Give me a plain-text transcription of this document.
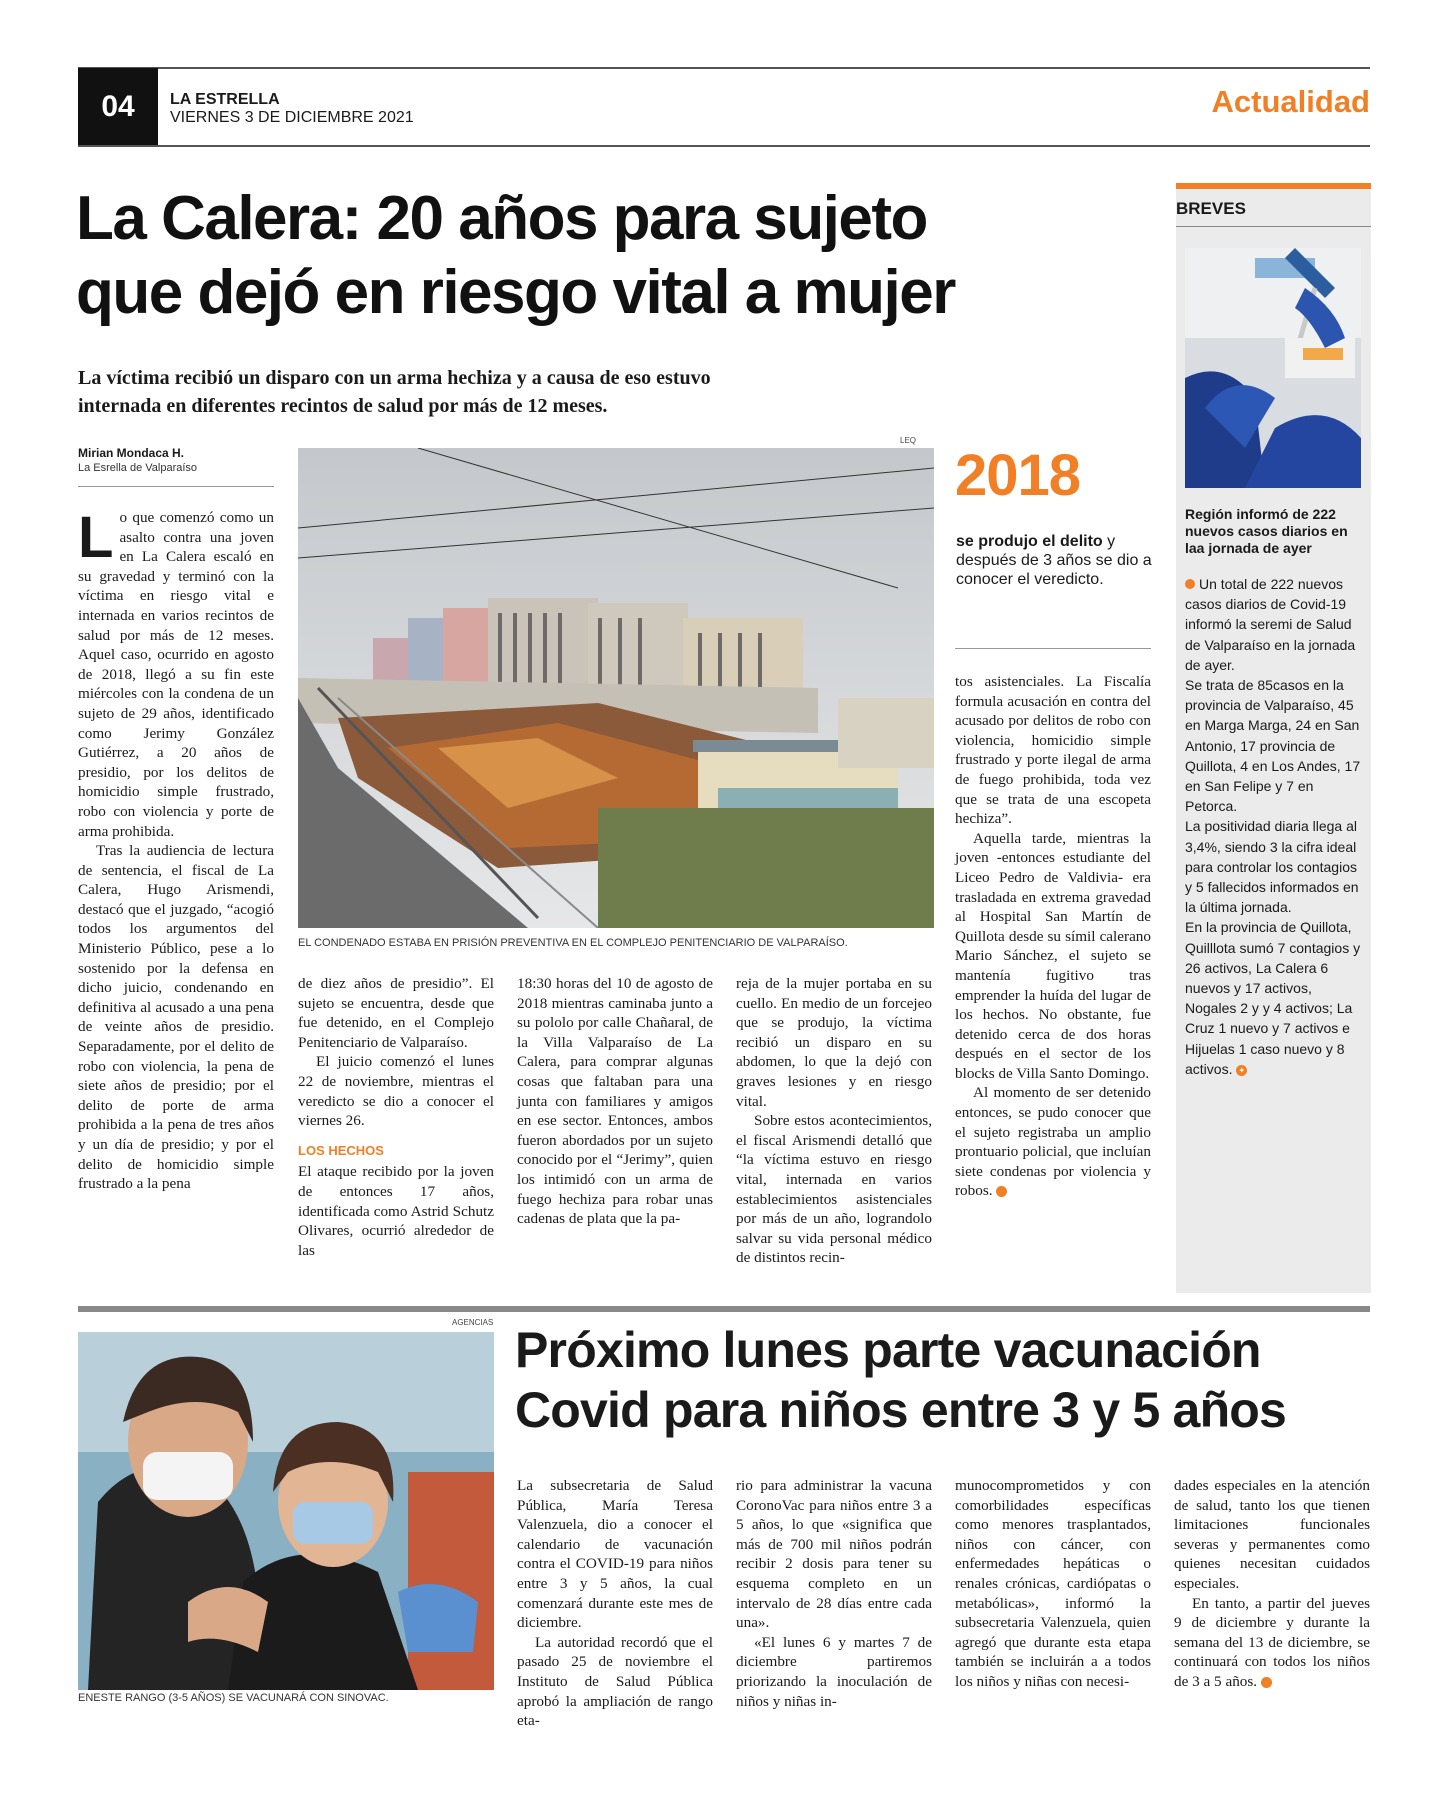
04 LA ESTRELLA
VIERNES 3 DE DICIEMBRE 2021	Actualidad
La Calera: 20 años para sujeto
que dejó en riesgo vital a mujer

La víctima recibió un disparo con un arma hechiza y a causa de eso estuvo
internada en diferentes recintos de salud por más de 12 meses.

Mirian Mondaca H.
La Esrella de Valparaíso

Lo que comenzó como un asalto contra una joven en La Calera escaló en su gravedad y terminó con la víctima en riesgo vital e internada en varios recintos de salud por más de 12 meses. Aquel caso, ocurrido en agosto de 2018, llegó a su fin este miércoles con la condena de un sujeto de 29 años, identificado como Jerimy González Gutiérrez, a 20 años de presidio, por los delitos de homicidio simple frustrado, robo con violencia y porte de arma prohibida.

Tras la audiencia de lectura de sentencia, el fiscal de La Calera, Hugo Arismendi, destacó que el juzgado, “acogió todos los argumentos del Ministerio Público, pese a lo sostenido por la defensa en dicho juicio, condenando en definitiva al acusado a una pena de veinte años de presidio. Separadamente, por el delito de robo con violencia, la pena de siete años de presidio; por el delito de porte de arma prohibida a la pena de tres años y un día de presidio; y por el delito de homicidio simple frustrado a la pena

LEQ
EL CONDENADO ESTABA EN PRISIÓN PREVENTIVA EN EL COMPLEJO PENITENCIARIO DE VALPARAÍSO.
2018
se produjo el delito y después de 3 años se dio a conocer el veredicto.

de diez años de presidio”. El sujeto se encuentra, desde que fue detenido, en el Complejo Penitenciario de Valparaíso.

El juicio comenzó el lunes 22 de noviembre, mientras el veredicto se dio a conocer el viernes 26.

LOS HECHOS

El ataque recibido por la joven de entonces 17 años, identificada como Astrid Schutz Olivares, ocurrió alrededor de las

18:30 horas del 10 de agosto de 2018 mientras caminaba junto a su pololo por calle Chañaral, de la Villa Valparaíso de La Calera, para comprar algunas cosas que faltaban para una junta con familiares y amigos en ese sector. Entonces, ambos fueron abordados por un sujeto conocido por el “Jerimy”, quien los intimidó con un arma de fuego hechiza para robar unas cadenas de plata que la pa-

reja de la mujer portaba en su cuello. En medio de un forcejeo que se produjo, la víctima recibió un disparo en su abdomen, lo que la dejó con graves lesiones y en riesgo vital.

Sobre estos acontecimientos, el fiscal Arismendi detalló que “la víctima estuvo en riesgo vital, internada en varios establecimientos asistenciales por más de un año, lograndolo salvar su vida personal médico de distintos recin-

tos asistenciales. La Fiscalía formula acusación en contra del acusado por delitos de robo con violencia, homicidio simple frustrado y porte ilegal de arma de fuego prohibida, toda vez que se trata de una escopeta hechiza”.

Aquella tarde, mientras la joven -entonces estudiante del Liceo Pedro de Valdivia- era trasladada en extrema gravedad al Hospital San Martín de Quillota desde su símil calerano Mario Sánchez, el sujeto se mantenía fugitivo tras emprender la huída del lugar de los hechos. No obstante, fue detenido cerca de dos horas después en el sector de los blocks de Villa Santo Domingo.

Al momento de ser detenido entonces, se pudo conocer que el sujeto registraba un amplio prontuario policial, que incluían siete condenas por violencia y robos.	✦

BREVES
Región informó de 222 nuevos casos diarios en laa jornada de ayer

Un total de 222 nuevos casos diarios de Covid-19 informó la seremi de Salud de Valparaíso en la jornada de ayer.

Se trata de 85casos en la provincia de Valparaíso, 45 en Marga Marga, 24 en San Antonio, 17 provincia de Quillota, 4 en Los Andes, 17 en San Felipe y 7 en Petorca.

La positividad diaria llega al 3,4%, siendo 3 la cifra ideal para controlar los contagios y 5 fallecidos informados en la última jornada.

En la provincia de Quillota, Quilllota sumó 7 contagios y 26 activos, La Calera 6 nuevos y 17 activos, Nogales 2 y y 4 activos; La Cruz 1 nuevo y 7 activos e Hijuelas 1 caso nuevo y 8 activos. ✦

AGENCIAS
ENESTE RANGO (3-5 AÑOS) SE VACUNARÁ CON SINOVAC.
Próximo lunes parte vacunación
Covid para niños entre 3 y 5 años

La subsecretaria de Salud Pública, María Teresa Valenzuela, dio a conocer el calendario de vacunación contra el COVID-19 para niños entre 3 y 5 años, la cual comenzará durante este mes de diciembre.

La autoridad recordó que el pasado 25 de noviembre el Instituto de Salud Pública aprobó la ampliación de rango eta-

rio para administrar la vacuna CoronoVac para niños entre 3 a 5 años, lo que «significa que más de 700 mil niños podrán recibir 2 dosis para tener su esquema completo en un intervalo de 28 días entre cada una».

«El lunes 6 y martes 7 de diciembre partiremos priorizando la inoculación de niños y niñas in-

munocomprometidos y con comorbilidades específicas como menores trasplantados, niños con cáncer, con enfermedades hepáticas o renales crónicas, cardiópatas o metabólicas», informó la subsecretaria Valenzuela, quien agregó que durante esta etapa también se incluirán a a todos los niños y niñas con necesi-

dades especiales en la atención de salud, tanto los que tienen limitaciones funcionales severas y permanentes como quienes necesitan cuidados especiales.

En tanto, a partir del jueves 9 de diciembre y durante la semana del 13 de diciembre, se continuará con todos los niños de 3 a 5 años.	✦
